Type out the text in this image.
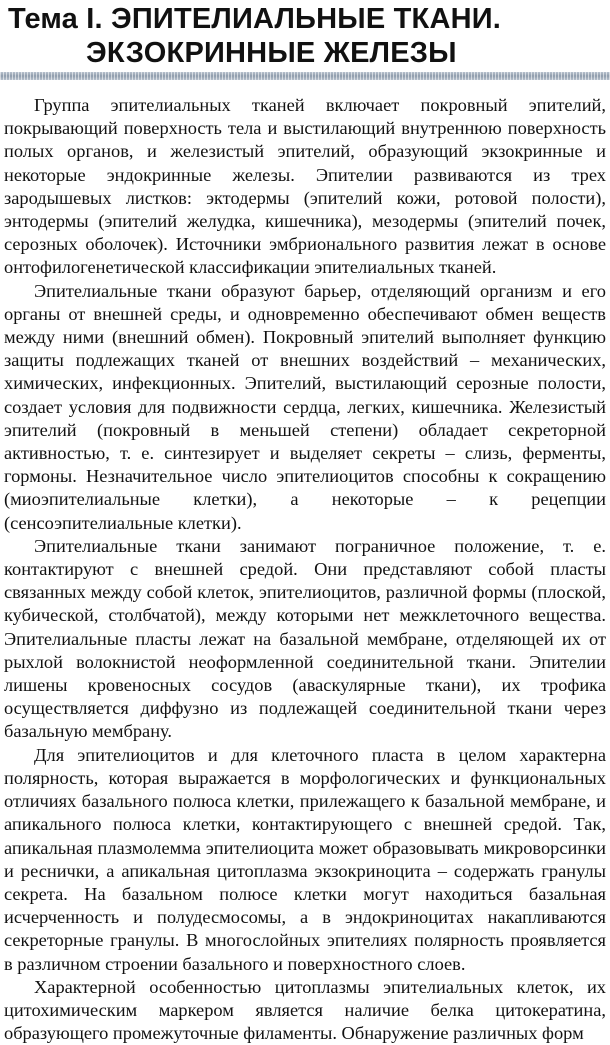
Тема I. ЭПИТЕЛИАЛЬНЫЕ ТКАНИ.
ЭКЗОКРИННЫЕ ЖЕЛЕЗЫ

Группа эпителиальных тканей включает покровный эпителий, покрывающий поверхность тела и выстилающий внутреннюю поверхность полых органов, и железистый эпителий, образующий экзокринные и некоторые эндокринные железы. Эпителии развиваются из трех зародышевых листков: эктодермы (эпителий кожи, ротовой полости), энтодермы (эпителий желудка, кишечника), мезодермы (эпителий почек, серозных оболочек). Источники эмбрионального развития лежат в основе онтофилогенетической классификации эпителиальных тканей.

Эпителиальные ткани образуют барьер, отделяющий организм и его органы от внешней среды, и одновременно обеспечивают обмен веществ между ними (внешний обмен). Покровный эпителий выполняет функцию защиты подлежащих тканей от внешних воздействий – механических, химических, инфекционных. Эпителий, выстилающий серозные полости, создает условия для подвижности сердца, легких, кишечника. Железистый эпителий (покровный в меньшей степени) обладает секреторной активностью, т. е. синтезирует и выделяет секреты – слизь, ферменты, гормоны. Незначительное число эпителиоцитов способны к сокращению (миоэпителиальные клетки), а некоторые – к рецепции (сенсоэпителиальные клетки).

Эпителиальные ткани занимают пограничное положение, т. е. контактируют с внешней средой. Они представляют собой пласты связанных между собой клеток, эпителиоцитов, различной формы (плоской, кубической, столбчатой), между которыми нет межклеточного вещества. Эпителиальные пласты лежат на базальной мембране, отделяющей их от рыхлой волокнистой неоформленной соединительной ткани. Эпителии лишены кровеносных сосудов (аваскулярные ткани), их трофика осуществляется диффузно из подлежащей соединительной ткани через базальную мембрану.

Для эпителиоцитов и для клеточного пласта в целом характерна полярность, которая выражается в морфологических и функциональных отличиях базального полюса клетки, прилежащего к базальной мембране, и апикального полюса клетки, контактирующего с внешней средой. Так, апикальная плазмолемма эпителиоцита может образовывать микроворсинки и реснички, а апикальная цитоплазма экзокриноцита – содержать гранулы секрета. На базальном полюсе клетки могут находиться базальная исчерченность и полудесмосомы, а в эндокриноцитах накапливаются секреторные гранулы. В многослойных эпителиях полярность проявляется в различном строении базального и поверхностного слоев.

Характерной особенностью цитоплазмы эпителиальных клеток, их цитохимическим маркером является наличие белка цитокератина, образующего промежуточные филаменты. Обнаружение различных форм
